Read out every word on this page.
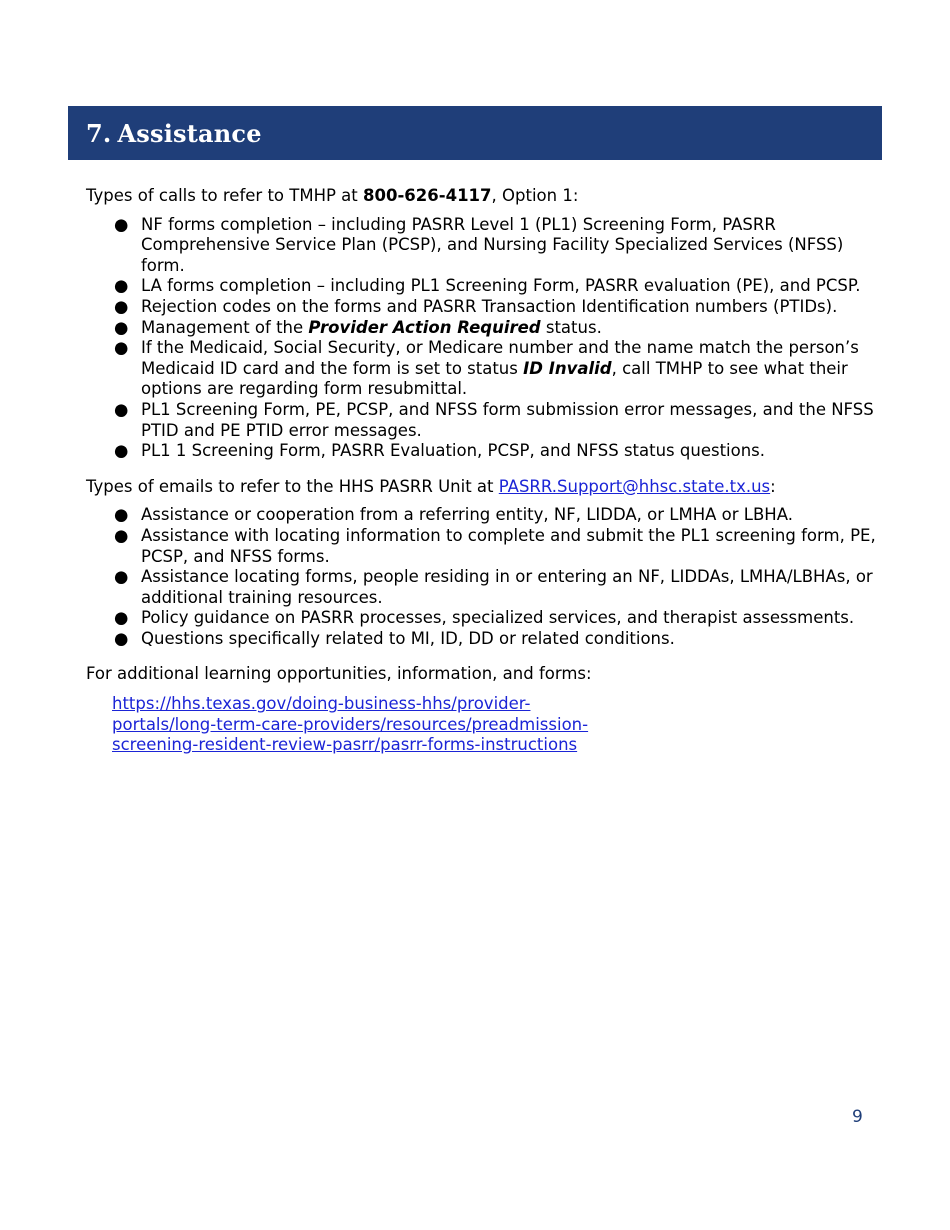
7. Assistance

Types of calls to refer to TMHP at 800-626-4117, Option 1:

● NF forms completion – including PASRR Level 1 (PL1) Screening Form, PASRR Comprehensive Service Plan (PCSP), and Nursing Facility Specialized Services (NFSS) form.
● LA forms completion – including PL1 Screening Form, PASRR evaluation (PE), and PCSP.
● Rejection codes on the forms and PASRR Transaction Identification numbers (PTIDs).
● Management of the Provider Action Required status.
● If the Medicaid, Social Security, or Medicare number and the name match the person’s Medicaid ID card and the form is set to status ID Invalid, call TMHP to see what their options are regarding form resubmittal.
● PL1 Screening Form, PE, PCSP, and NFSS form submission error messages, and the NFSS PTID and PE PTID error messages.
● PL1 1 Screening Form, PASRR Evaluation, PCSP, and NFSS status questions.

Types of emails to refer to the HHS PASRR Unit at PASRR.Support@hhsc.state.tx.us:

● Assistance or cooperation from a referring entity, NF, LIDDA, or LMHA or LBHA.
● Assistance with locating information to complete and submit the PL1 screening form, PE, PCSP, and NFSS forms.
● Assistance locating forms, people residing in or entering an NF, LIDDAs, LMHA/LBHAs, or additional training resources.
● Policy guidance on PASRR processes, specialized services, and therapist assessments.
● Questions specifically related to MI, ID, DD or related conditions.

For additional learning opportunities, information, and forms:

https://hhs.texas.gov/doing-business-hhs/provider-
portals/long-term-care-providers/resources/preadmission-
screening-resident-review-pasrr/pasrr-forms-instructions
9
